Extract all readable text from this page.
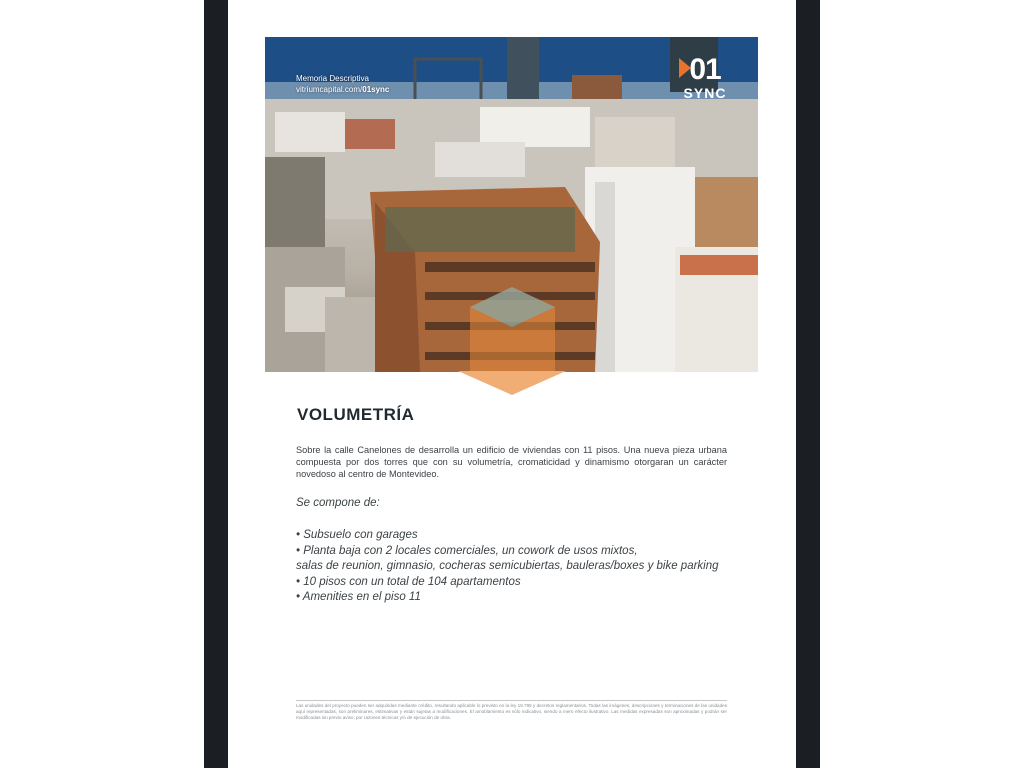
Memoria Descriptiva
vitriumcapital.com/01sync
01
SYNC
VOLUMETRÍA
Sobre la calle Canelones de desarrolla un edificio de viviendas con 11 pisos. Una nueva pieza urbana compuesta por dos torres que con su volumetría, cromaticidad y dinamismo otorgaran un carácter novedoso al centro de Montevideo.
Se compone de:
• Subsuelo con garages
• Planta baja con 2 locales comerciales, un cowork de usos mixtos,
salas de reunion, gimnasio, cocheras semicubiertas, bauleras/boxes y bike parking
• 10 pisos con un total de 104 apartamentos
• Amenities en el piso 11
Las unidades del proyecto pueden ser adquiridas mediante crédito, resultando aplicable lo previsto en la ley 18.795 y decretos reglamentarios. Todas las imágenes, descripciones y terminaciones de las unidades aquí representadas, son preliminares, estimativas y están sujetas a modificaciones. El amoblamiento es sólo indicativo, siendo a mero efecto ilustrativo. Las medidas expresadas son aproximadas y podrán ser modificadas sin previo aviso, por razones técnicas y/o de ejecución de obra.
